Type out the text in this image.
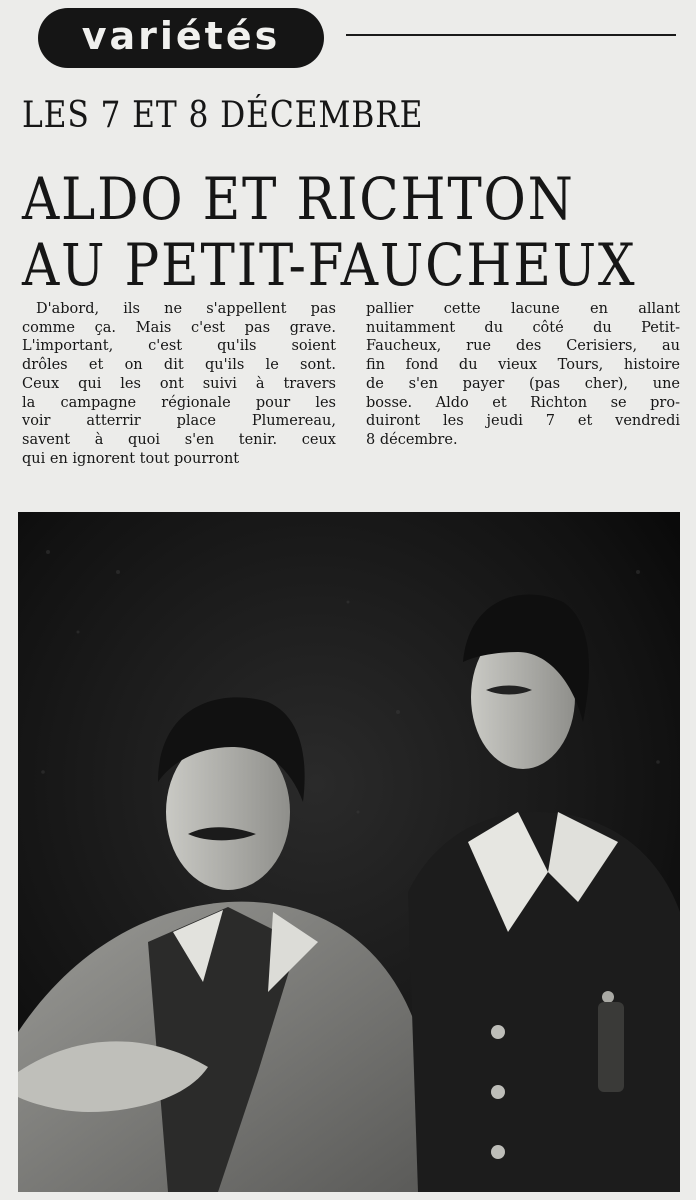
variétés
LES 7 ET 8 DÉCEMBRE
ALDO ET RICHTON
AU PETIT-FAUCHEUX

D'abord, ils ne s'appellent pas

comme ça. Mais c'est pas grave.

L'important, c'est qu'ils soient

drôles et on dit qu'ils le sont.

Ceux qui les ont suivi à travers

la campagne régionale pour les

voir atterrir place Plumereau,

savent à quoi s'en tenir. ceux

qui en ignorent tout pourront

pallier cette lacune en allant

nuitamment du côté du Petit-

Faucheux, rue des Cerisiers, au

fin fond du vieux Tours, histoire

de s'en payer (pas cher), une

bosse. Aldo et Richton se pro-

duiront les jeudi 7 et vendredi

8 décembre.
